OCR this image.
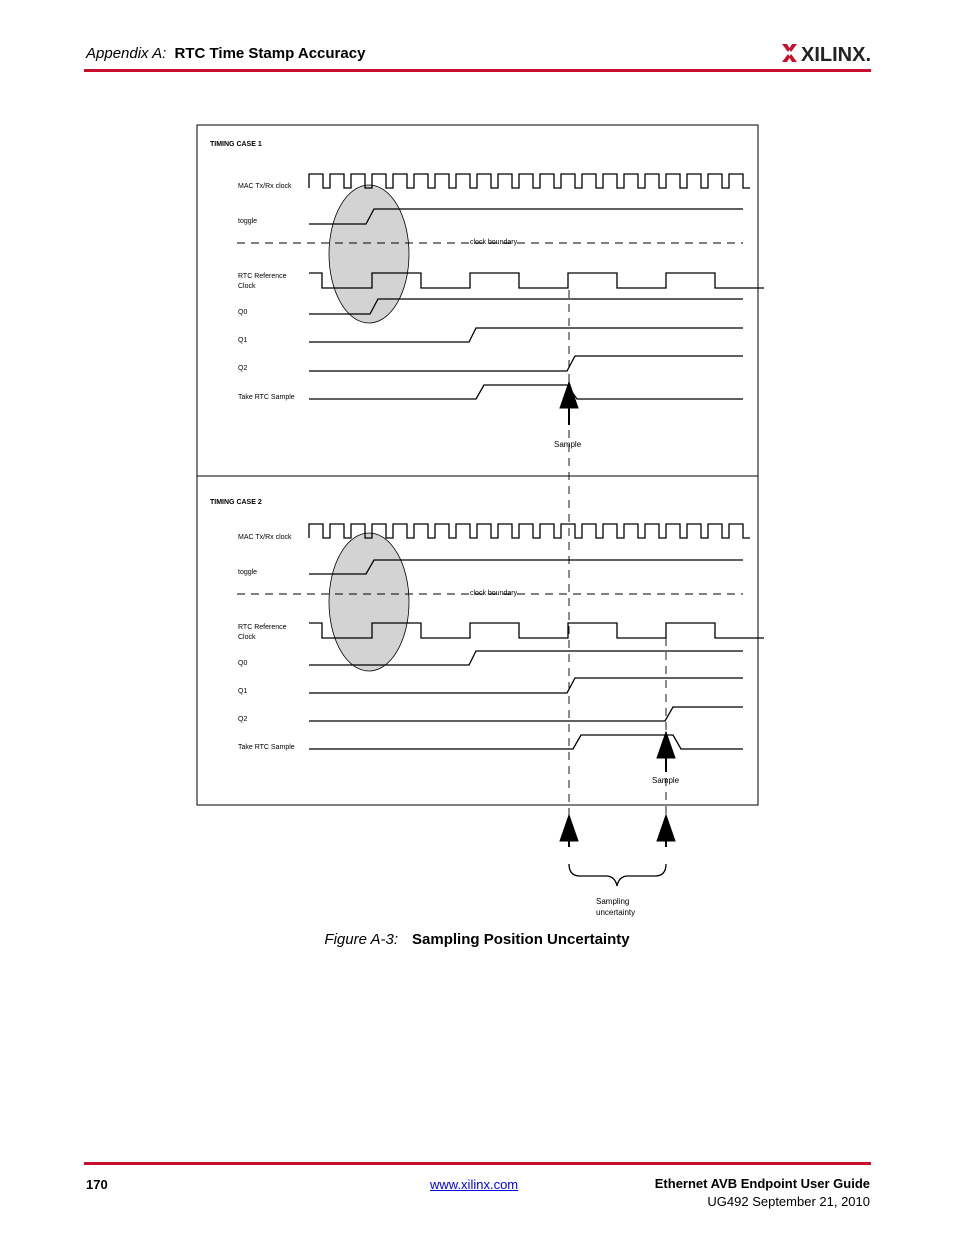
Appendix A: RTC Time Stamp Accuracy	XILINX.
TIMING CASE 1
MAC Tx/Rx clock
toggle
RTC Reference
Clock
Q0
Q1
Q2
Take RTC Sample
clock boundary
Sample
TIMING CASE 2
MAC Tx/Rx clock
toggle
RTC Reference
Clock
Q0
Q1
Q2
Take RTC Sample
clock boundary
Sample
Sampling
uncertainty
Figure A-3: Sampling Position Uncertainty
170	www.xilinx.com	Ethernet AVB Endpoint User Guide
UG492 September 21, 2010
